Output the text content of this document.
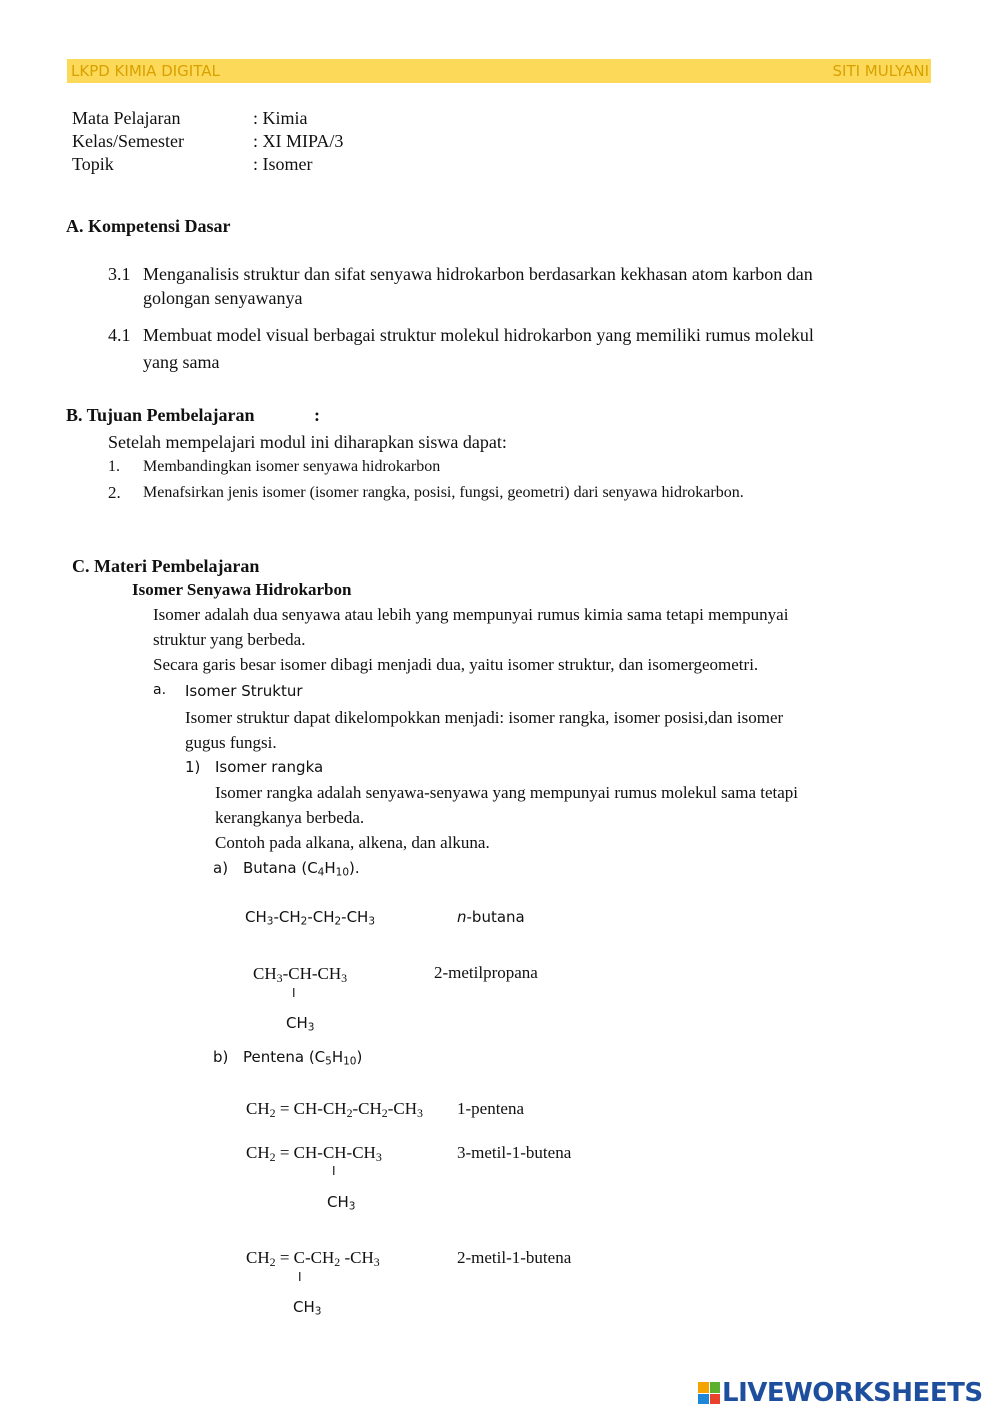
LKPD KIMIA DIGITAL	SITI MULYANI
Mata Pelajaran	: Kimia
Kelas/Semester	: XI MIPA/3
Topik	: Isomer
A. Kompetensi Dasar
3.1 Menganalisis struktur dan sifat senyawa hidrokarbon berdasarkan kekhasan atom karbon dan
golongan senyawanya
4.1 Membuat model visual berbagai struktur molekul hidrokarbon yang memiliki rumus molekul
yang sama
B. Tujuan Pembelajaran	:
Setelah mempelajari modul ini diharapkan siswa dapat:
1. Membandingkan isomer senyawa hidrokarbon
2. Menafsirkan jenis isomer (isomer rangka, posisi, fungsi, geometri) dari senyawa hidrokarbon.
C. Materi Pembelajaran
Isomer Senyawa Hidrokarbon
Isomer adalah dua senyawa atau lebih yang mempunyai rumus kimia sama tetapi mempunyai
struktur yang berbeda.
Secara garis besar isomer dibagi menjadi dua, yaitu isomer struktur, dan isomergeometri.
a. Isomer Struktur
Isomer struktur dapat dikelompokkan menjadi: isomer rangka, isomer posisi,dan isomer
gugus fungsi.
1) Isomer rangka
Isomer rangka adalah senyawa-senyawa yang mempunyai rumus molekul sama tetapi
kerangkanya berbeda.
Contoh pada alkana, alkena, dan alkuna.
a) Butana $(C_4H_{10})$.
$CH_3-CH_2-CH_2-CH_3$	n-butana
$CH_3-CH-CH_3$
I
$CH_3$
2-metilpropana
b) Pentena $(C_5H_{10})$
$CH_2 = CH-CH_2-CH_2-CH_3$ 1-pentena
$CH_2 = CH-CH-CH_3$
I
$CH_3$
3-metil-1-butena
$CH_2 = C-CH_2$ $-CH_3$
I
$CH_3$
2-metil-1-butena
LIVEWORKSHEETS
